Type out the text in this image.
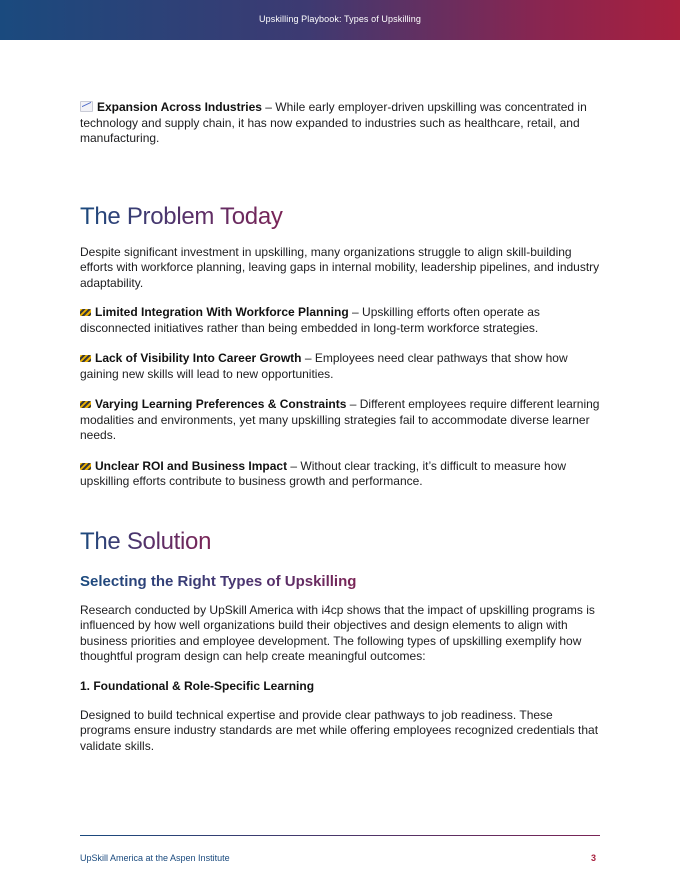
Upskilling Playbook: Types of Upskilling

Expansion Across Industries – While early employer-driven upskilling was concentrated in technology and supply chain, it has now expanded to industries such as healthcare, retail, and manufacturing.

The Problem Today

Despite significant investment in upskilling, many organizations struggle to align skill-building efforts with workforce planning, leaving gaps in internal mobility, leadership pipelines, and industry adaptability.

Limited Integration With Workforce Planning – Upskilling efforts often operate as disconnected initiatives rather than being embedded in long-term workforce strategies.

Lack of Visibility Into Career Growth – Employees need clear pathways that show how gaining new skills will lead to new opportunities.

Varying Learning Preferences & Constraints – Different employees require different learning modalities and environments, yet many upskilling strategies fail to accommodate diverse learner needs.

Unclear ROI and Business Impact – Without clear tracking, it’s difficult to measure how upskilling efforts contribute to business growth and performance.

The Solution
Selecting the Right Types of Upskilling

Research conducted by UpSkill America with i4cp shows that the impact of upskilling programs is influenced by how well organizations build their objectives and design elements to align with business priorities and employee development. The following types of upskilling exemplify how thoughtful program design can help create meaningful outcomes:

1. Foundational & Role-Specific Learning

Designed to build technical expertise and provide clear pathways to job readiness. These programs ensure industry standards are met while offering employees recognized credentials that validate skills.

UpSkill America at the Aspen Institute	3
